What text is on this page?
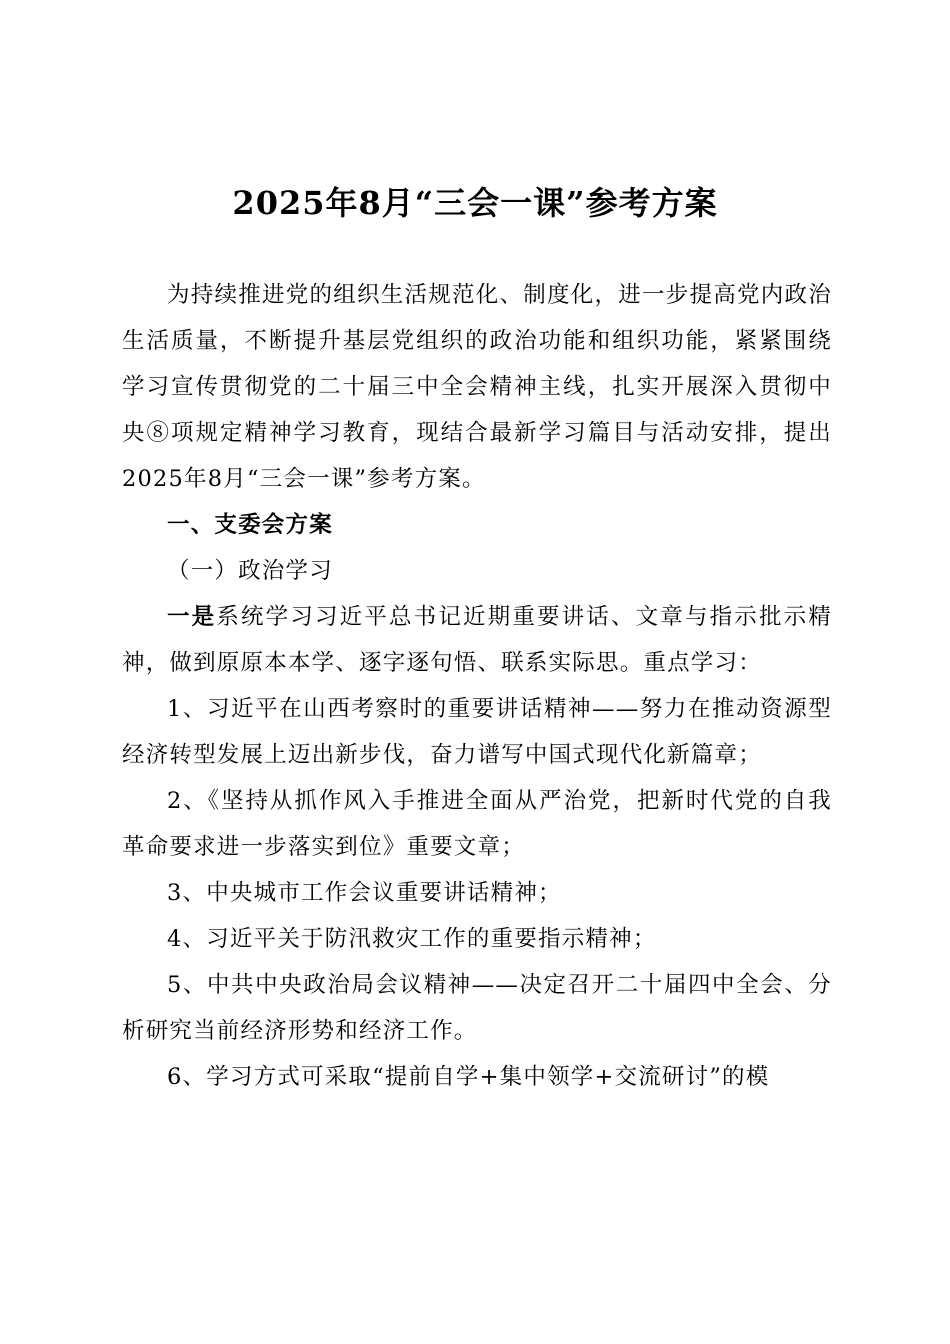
2025年8月“三会一课”参考方案

为持续推进党的组织生活规范化、制度化，进一步提高党内政治生活质量，不断提升基层党组织的政治功能和组织功能，紧紧围绕学习宣传贯彻党的二十届三中全会精神主线，扎实开展深入贯彻中央⑧项规定精神学习教育，现结合最新学习篇目与活动安排，提出2025年8月“三会一课”参考方案。

一、支委会方案

（一）政治学习

一是系统学习习近平总书记近期重要讲话、文章与指示批示精神，做到原原本本学、逐字逐句悟、联系实际思。重点学习：

1、习近平在山西考察时的重要讲话精神——努力在推动资源型经济转型发展上迈出新步伐，奋力谱写中国式现代化新篇章；

2、《坚持从抓作风入手推进全面从严治党，把新时代党的自我革命要求进一步落实到位》重要文章；

3、中央城市工作会议重要讲话精神；

4、习近平关于防汛救灾工作的重要指示精神；

5、中共中央政治局会议精神——决定召开二十届四中全会、分析研究当前经济形势和经济工作。

6、学习方式可采取“提前自学+集中领学+交流研讨”的模
